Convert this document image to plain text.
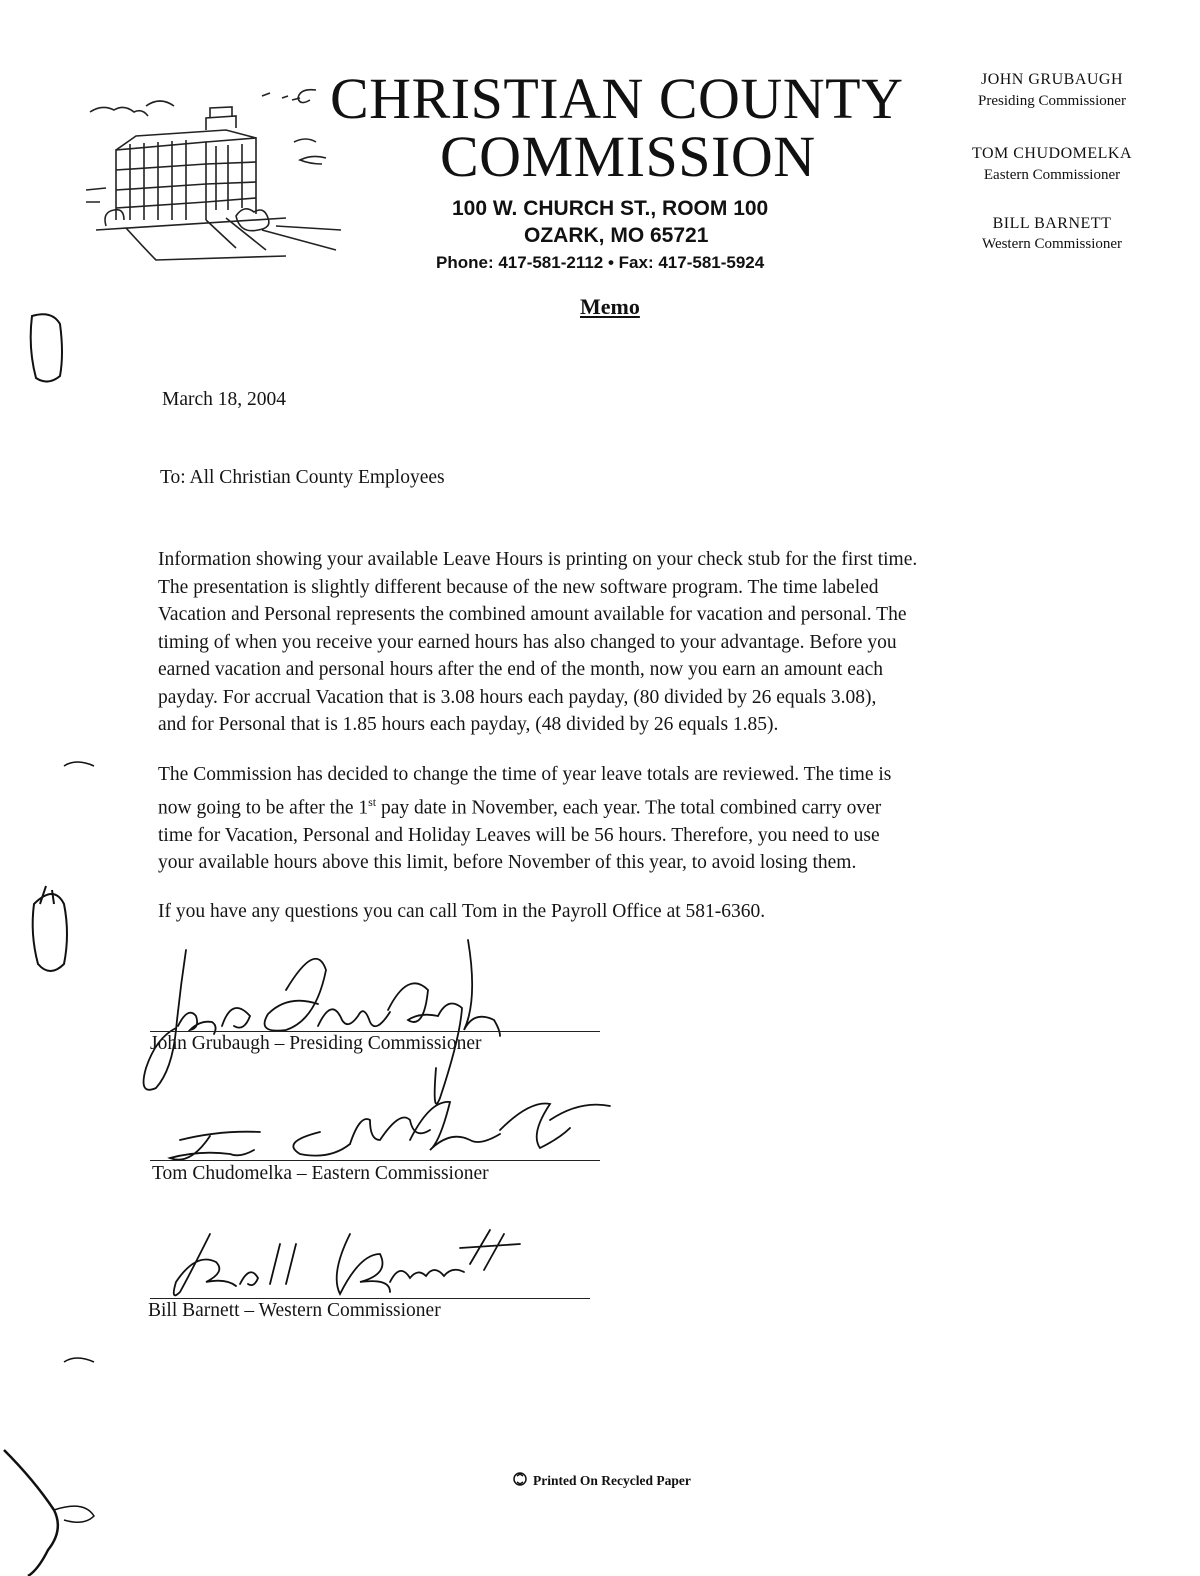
CHRISTIAN COUNTY
COMMISSION
100 W. CHURCH ST., ROOM 100
OZARK, MO 65721
Phone: 417-581-2112 • Fax: 417-581-5924
JOHN GRUBAUGH
Presiding Commissioner
TOM CHUDOMELKA
Eastern Commissioner
BILL BARNETT
Western Commissioner
Memo
March 18, 2004
To: All Christian County Employees
Information showing your available Leave Hours is printing on your check stub for the first time.
The presentation is slightly different because of the new software program. The time labeled
Vacation and Personal represents the combined amount available for vacation and personal. The
timing of when you receive your earned hours has also changed to your advantage. Before you
earned vacation and personal hours after the end of the month, now you earn an amount each
payday. For accrual Vacation that is 3.08 hours each payday, (80 divided by 26 equals 3.08),
and for Personal that is 1.85 hours each payday, (48 divided by 26 equals 1.85).
The Commission has decided to change the time of year leave totals are reviewed. The time is
now going to be after the 1st pay date in November, each year. The total combined carry over
time for Vacation, Personal and Holiday Leaves will be 56 hours. Therefore, you need to use
your available hours above this limit, before November of this year, to avoid losing them.
If you have any questions you can call Tom in the Payroll Office at 581-6360.
John Grubaugh – Presiding Commissioner
Tom Chudomelka – Eastern Commissioner
Bill Barnett – Western Commissioner
Printed On Recycled Paper
